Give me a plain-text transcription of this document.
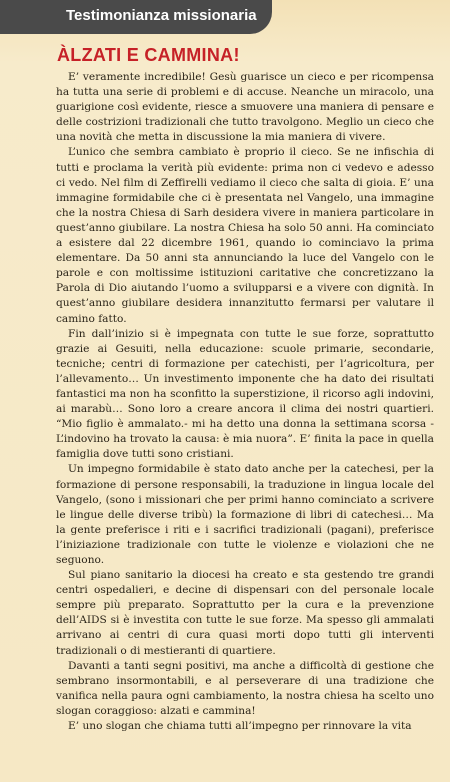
Testimonianza missionaria
ÀLZATI E CAMMINA!

E’ veramente incredibile! Gesù guarisce un cieco e per ricompensa ha tutta una serie di problemi e di accuse. Neanche un miracolo, una guarigione così evidente, riesce a smuovere una maniera di pensare e delle costrizioni tradizionali che tutto travolgono. Meglio un cieco che una novità che metta in discussione la mia maniera di vivere.

L’unico che sembra cambiato è proprio il cieco. Se ne infischia di tutti e proclama la verità più evidente: prima non ci vedevo e adesso ci vedo. Nel film di Zeffirelli vediamo il cieco che salta di gioia. E’ una immagine formidabile che ci è presentata nel Vangelo, una immagine che la nostra Chiesa di Sarh desidera vivere in maniera particolare in quest’anno giubilare. La nostra Chiesa ha solo 50 anni. Ha cominciato a esistere dal 22 dicembre 1961, quando io cominciavo la prima elementare. Da 50 anni sta annunciando la luce del Vangelo con le parole e con moltissime istituzioni caritative che concretizzano la Parola di Dio aiutando l’uomo a svilupparsi e a vivere con dignità. In quest’anno giubilare desidera innanzitutto fermarsi per valutare il camino fatto.

Fin dall’inizio si è impegnata con tutte le sue forze, soprattutto grazie ai Gesuiti, nella educazione: scuole primarie, secondarie, tecniche; centri di formazione per catechisti, per l’agricoltura, per l’allevamento… Un investimento imponente che ha dato dei risultati fantastici ma non ha sconfitto la superstizione, il ricorso agli indovini, ai marabù… Sono loro a creare ancora il clima dei nostri quartieri. “Mio figlio è ammalato.- mi ha detto una donna la settimana scorsa - L’indovino ha trovato la causa: è mia nuora”. E’ finita la pace in quella famiglia dove tutti sono cristiani.

Un impegno formidabile è stato dato anche per la catechesi, per la formazione di persone responsabili, la traduzione in lingua locale del Vangelo, (sono i missionari che per primi hanno cominciato a scrivere le lingue delle diverse tribù) la formazione di libri di catechesi… Ma la gente preferisce i riti e i sacrifici tradizionali (pagani), preferisce l’iniziazione tradizionale con tutte le violenze e violazioni che ne seguono.

Sul piano sanitario la diocesi ha creato e sta gestendo tre grandi centri ospedalieri, e decine di dispensari con del personale locale sempre più preparato. Soprattutto per la cura e la prevenzione dell’AIDS si è investita con tutte le sue forze. Ma spesso gli ammalati arrivano ai centri di cura quasi morti dopo tutti gli interventi tradizionali o di mestieranti di quartiere.

Davanti a tanti segni positivi, ma anche a difficoltà di gestione che sembrano insormontabili, e al perseverare di una tradizione che vanifica nella paura ogni cambiamento, la nostra chiesa ha scelto uno slogan coraggioso: alzati e cammina!

E’ uno slogan che chiama tutti all’impegno per rinnovare la vita
